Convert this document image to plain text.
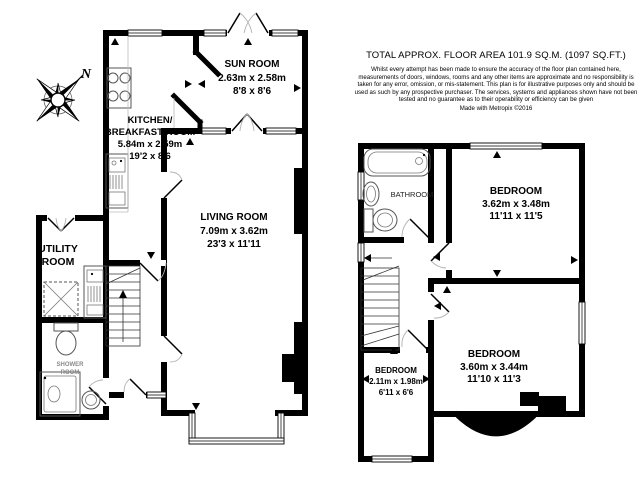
SUN ROOM
2.63m x 2.58m
8'8 x 8'6
KITCHEN/
BREAKFAST ROOM
5.84m x 2.59m
19'2 x 8'6
LIVING ROOM
7.09m x 3.62m
23'3 x 11'11
UTILITY
ROOM
SHOWER
ROOM
BATHROOM	BEDROOM
3.62m x 3.48m
11'11 x 11'5
BEDROOM
3.60m x 3.44m
11'10 x 11'3
BEDROOM
2.11m x 1.98m
6'11 x 6'6
N
TOTAL APPROX. FLOOR AREA 101.9 SQ.M. (1097 SQ.FT.)
Whilst every attempt has been made to ensure the accuracy of the floor plan contained here, measurements of doors, windows, rooms and any other items are approximate and no responsibility is taken for any error, omission, or mis-statement. This plan is for illustrative purposes only and should be used as such by any prospective purchaser. The services, systems and appliances shown have not been tested and no guarantee as to their operability or efficiency can be given
Made with Metropix ©2016
